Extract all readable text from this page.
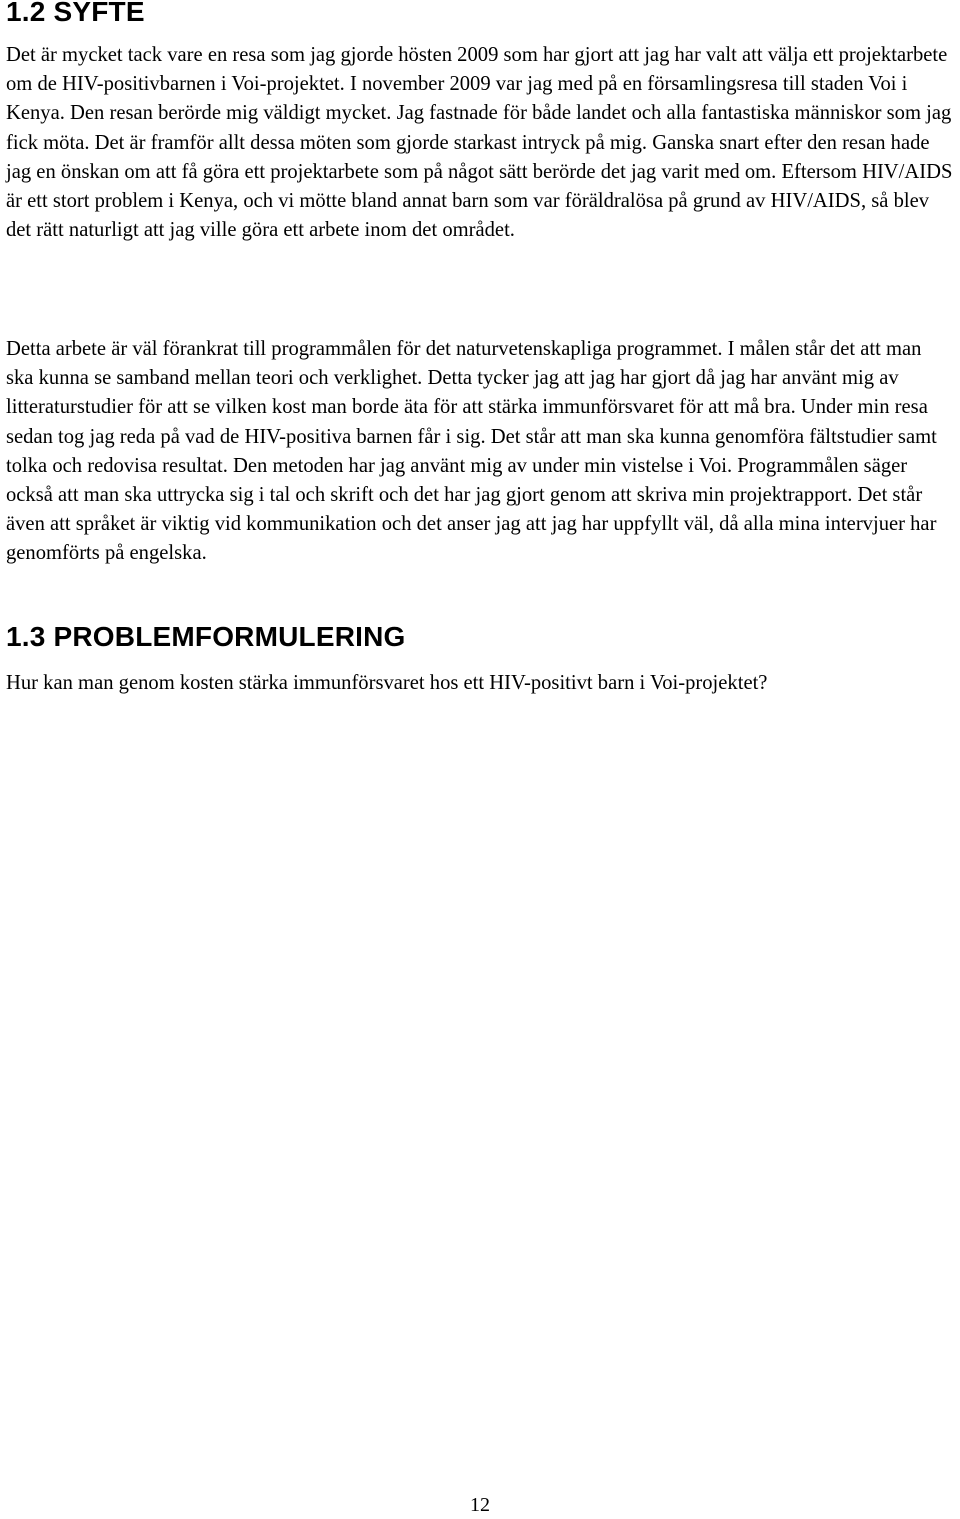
1.2 SYFTE

Det är mycket tack vare en resa som jag gjorde hösten 2009 som har gjort att jag har valt att välja ett projektarbete om de HIV-positivbarnen i Voi-projektet. I november 2009 var jag med på en församlingsresa till staden Voi i Kenya. Den resan berörde mig väldigt mycket. Jag fastnade för både landet och alla fantastiska människor som jag fick möta. Det är framför allt dessa möten som gjorde starkast intryck på mig. Ganska snart efter den resan hade jag en önskan om att få göra ett projektarbete som på något sätt berörde det jag varit med om. Eftersom HIV/AIDS är ett stort problem i Kenya, och vi mötte bland annat barn som var föräldralösa på grund av HIV/AIDS, så blev det rätt naturligt att jag ville göra ett arbete inom det området.

Detta arbete är väl förankrat till programmålen för det naturvetenskapliga programmet. I målen står det att man ska kunna se samband mellan teori och verklighet. Detta tycker jag att jag har gjort då jag har använt mig av litteraturstudier för att se vilken kost man borde äta för att stärka immunförsvaret för att må bra. Under min resa sedan tog jag reda på vad de HIV-positiva barnen får i sig. Det står att man ska kunna genomföra fältstudier samt tolka och redovisa resultat. Den metoden har jag använt mig av under min vistelse i Voi. Programmålen säger också att man ska uttrycka sig i tal och skrift och det har jag gjort genom att skriva min projektrapport. Det står även att språket är viktig vid kommunikation och det anser jag att jag har uppfyllt väl, då alla mina intervjuer har genomförts på engelska.

1.3 PROBLEMFORMULERING

Hur kan man genom kosten stärka immunförsvaret hos ett HIV-positivt barn i Voi-projektet?

12
